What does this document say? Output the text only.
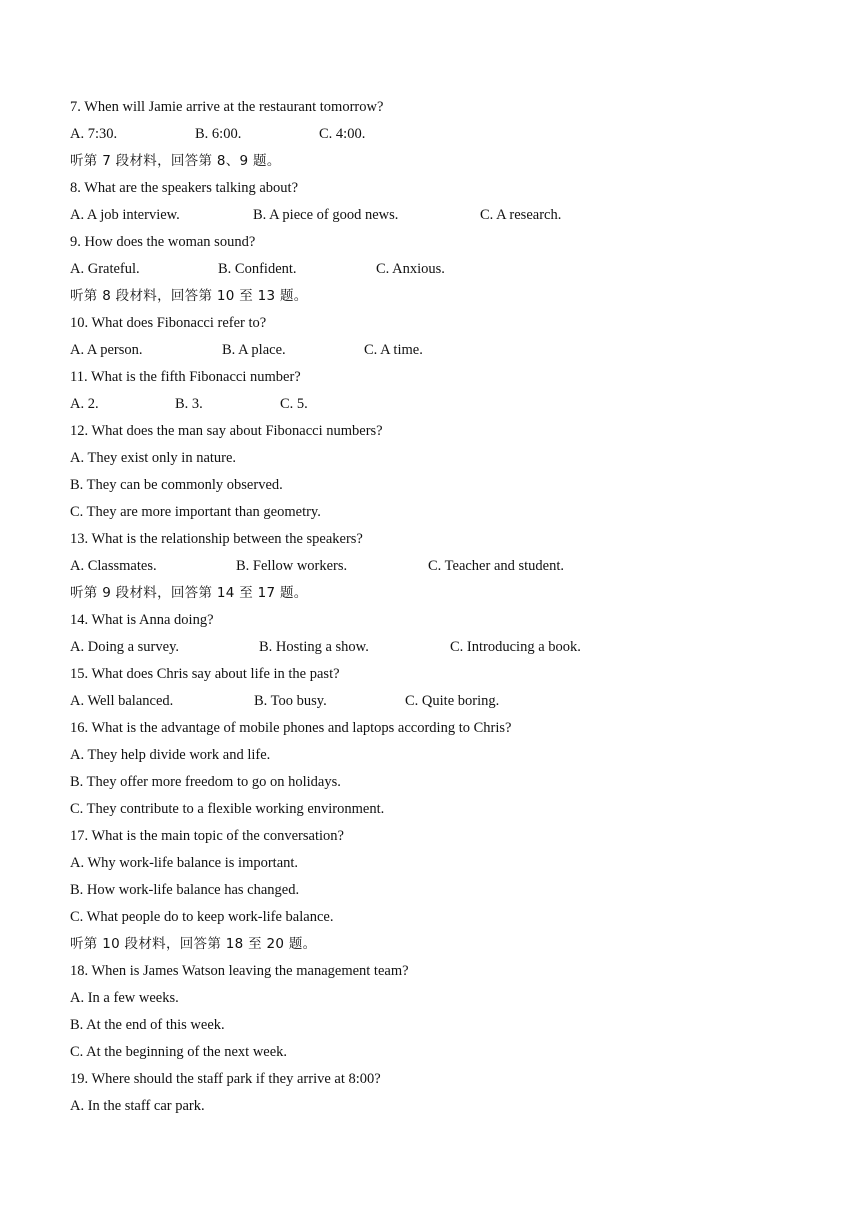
7. When will Jamie arrive at the restaurant tomorrow?
A. 7:30.	B. 6:00.	C. 4:00.
听第 7 段材料，回答第 8、9 题。
8. What are the speakers talking about?
A. A job interview.	B. A piece of good news.	C. A research.
9. How does the woman sound?
A. Grateful.	B. Confident.	C. Anxious.
听第 8 段材料，回答第 10 至 13 题。
10. What does Fibonacci refer to?
A. A person.	B. A place.	C. A time.
11. What is the fifth Fibonacci number?
A. 2.	B. 3.	C. 5.
12. What does the man say about Fibonacci numbers?
A. They exist only in nature.
B. They can be commonly observed.
C. They are more important than geometry.
13. What is the relationship between the speakers?
A. Classmates.	B. Fellow workers.	C. Teacher and student.
听第 9 段材料，回答第 14 至 17 题。
14. What is Anna doing?
A. Doing a survey.	B. Hosting a show.	C. Introducing a book.
15. What does Chris say about life in the past?
A. Well balanced.	B. Too busy.	C. Quite boring.
16. What is the advantage of mobile phones and laptops according to Chris?
A. They help divide work and life.
B. They offer more freedom to go on holidays.
C. They contribute to a flexible working environment.
17. What is the main topic of the conversation?
A. Why work-life balance is important.
B. How work-life balance has changed.
C. What people do to keep work-life balance.
听第 10 段材料，回答第 18 至 20 题。
18. When is James Watson leaving the management team?
A. In a few weeks.
B. At the end of this week.
C. At the beginning of the next week.
19. Where should the staff park if they arrive at 8:00?
A. In the staff car park.
